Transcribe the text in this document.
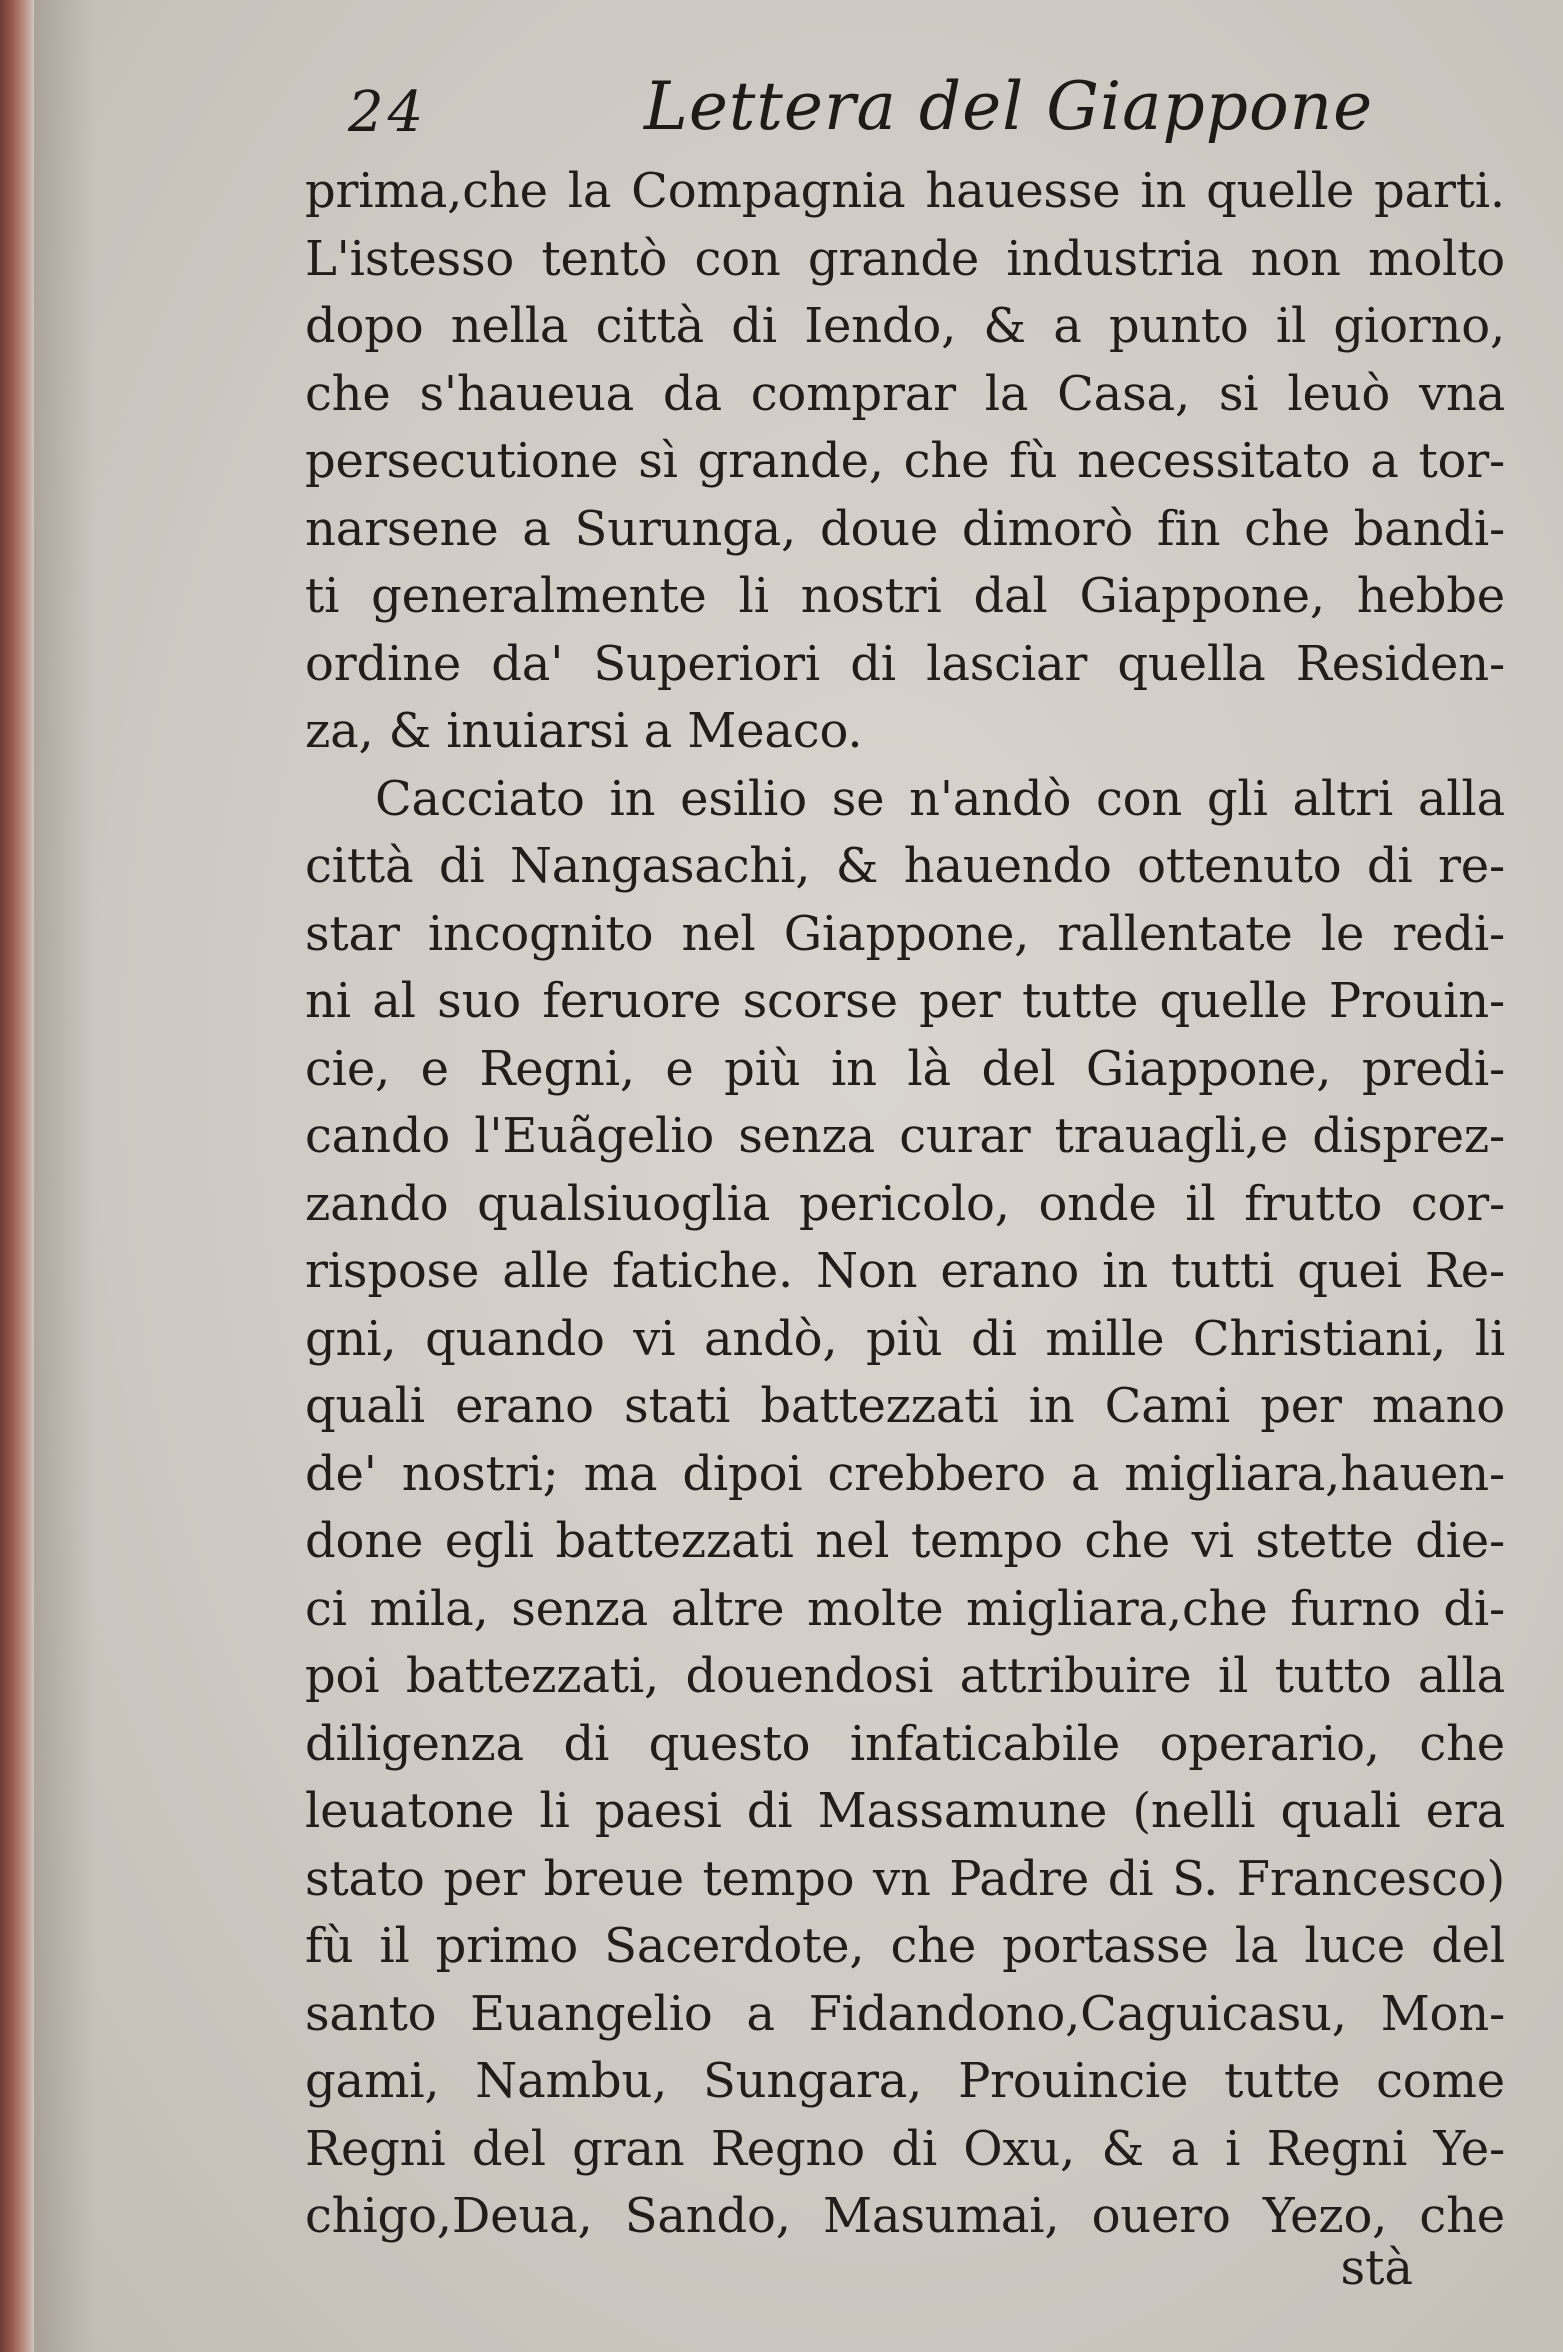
24	Lettera del Giappone
prima,che la Compagnia hauesse in quelle parti.
L'istesso tentò con grande industria non molto
dopo nella città di Iendo, & a punto il giorno,
che s'haueua da comprar la Casa, si leuò vna
persecutione sì grande, che fù necessitato a tor-
narsene a Surunga, doue dimorò fin che bandi-
ti generalmente li nostri dal Giappone, hebbe
ordine da' Superiori di lasciar quella Residen-
za, & inuiarsi a Meaco.
Cacciato in esilio se n'andò con gli altri alla
città di Nangasachi, & hauendo ottenuto di re-
star incognito nel Giappone, rallentate le redi-
ni al suo feruore scorse per tutte quelle Prouin-
cie, e Regni, e più in là del Giappone, predi-
cando l'Euãgelio senza curar trauagli,e disprez-
zando qualsiuoglia pericolo, onde il frutto cor-
rispose alle fatiche. Non erano in tutti quei Re-
gni, quando vi andò, più di mille Christiani, li
quali erano stati battezzati in Cami per mano
de' nostri; ma dipoi crebbero a migliara,hauen-
done egli battezzati nel tempo che vi stette die-
ci mila, senza altre molte migliara,che furno di-
poi battezzati, douendosi attribuire il tutto alla
diligenza di questo infaticabile operario, che
leuatone li paesi di Massamune (nelli quali era
stato per breue tempo vn Padre di S. Francesco)
fù il primo Sacerdote, che portasse la luce del
santo Euangelio a Fidandono,Caguicasu, Mon-
gami, Nambu, Sungara, Prouincie tutte come
Regni del gran Regno di Oxu, & a i Regni Ye-
chigo,Deua, Sando, Masumai, ouero Yezo, che
stà
